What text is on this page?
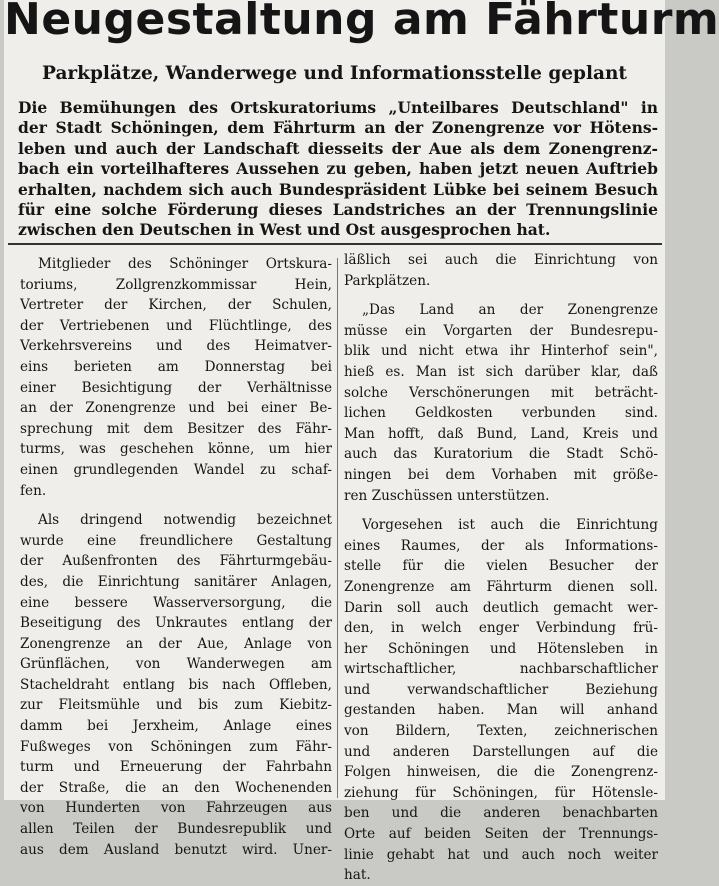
Neugestaltung am Fährturm
Parkplätze, Wanderwege und Informationsstelle geplant
Die Bemühungen des Ortskuratoriums „Unteilbares Deutschland" in
der Stadt Schöningen, dem Fährturm an der Zonengrenze vor Hötens-
leben und auch der Landschaft diesseits der Aue als dem Zonengrenz-
bach ein vorteilhafteres Aussehen zu geben, haben jetzt neuen Auftrieb
erhalten, nachdem sich auch Bundespräsident Lübke bei seinem Besuch
für eine solche Förderung dieses Landstriches an der Trennungslinie
zwischen den Deutschen in West und Ost ausgesprochen hat.
Mitglieder des Schöninger Ortskura-
toriums, Zollgrenzkommissar Hein,
Vertreter der Kirchen, der Schulen,
der Vertriebenen und Flüchtlinge, des
Verkehrsvereins und des Heimatver-
eins berieten am Donnerstag bei
einer Besichtigung der Verhältnisse
an der Zonengrenze und bei einer Be-
sprechung mit dem Besitzer des Fähr-
turms, was geschehen könne, um hier
einen grundlegenden Wandel zu schaf-
fen.
Als dringend notwendig bezeichnet
wurde eine freundlichere Gestaltung
der Außenfronten des Fährturmgebäu-
des, die Einrichtung sanitärer Anlagen,
eine bessere Wasserversorgung, die
Beseitigung des Unkrautes entlang der
Zonengrenze an der Aue, Anlage von
Grünflächen, von Wanderwegen am
Stacheldraht entlang bis nach Offleben,
zur Fleitsmühle und bis zum Kiebitz-
damm bei Jerxheim, Anlage eines
Fußweges von Schöningen zum Fähr-
turm und Erneuerung der Fahrbahn
der Straße, die an den Wochenenden
von Hunderten von Fahrzeugen aus
allen Teilen der Bundesrepublik und
aus dem Ausland benutzt wird. Uner-
läßlich sei auch die Einrichtung von
Parkplätzen.
„Das Land an der Zonengrenze
müsse ein Vorgarten der Bundesrepu-
blik und nicht etwa ihr Hinterhof sein",
hieß es. Man ist sich darüber klar, daß
solche Verschönerungen mit beträcht-
lichen Geldkosten verbunden sind.
Man hofft, daß Bund, Land, Kreis und
auch das Kuratorium die Stadt Schö-
ningen bei dem Vorhaben mit größe-
ren Zuschüssen unterstützen.
Vorgesehen ist auch die Einrichtung
eines Raumes, der als Informations-
stelle für die vielen Besucher der
Zonengrenze am Fährturm dienen soll.
Darin soll auch deutlich gemacht wer-
den, in welch enger Verbindung frü-
her Schöningen und Hötensleben in
wirtschaftlicher, nachbarschaftlicher
und verwandschaftlicher Beziehung
gestanden haben. Man will anhand
von Bildern, Texten, zeichnerischen
und anderen Darstellungen auf die
Folgen hinweisen, die die Zonengrenz-
ziehung für Schöningen, für Hötensle-
ben und die anderen benachbarten
Orte auf beiden Seiten der Trennungs-
linie gehabt hat und auch noch weiter
hat.
